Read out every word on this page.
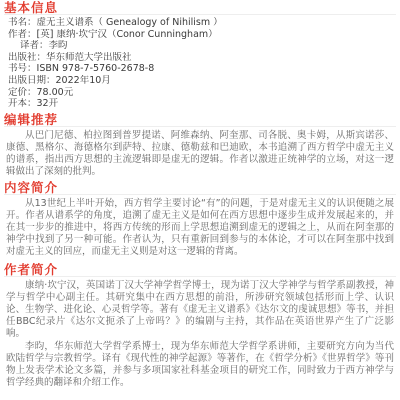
基本信息
书名：虚无主义谱系（ Genealogy of Nihilism ）
作者：[英] 康纳·坎宁汉（Conor Cunningham）
译者：李昀
出版社：华东师范大学出版社
书号：ISBN 978-7-5760-2678-8
出版日期：2022年10月
定价：78.00元
开本：32开
编辑推荐

从巴门尼德、柏拉图到普罗提诺、阿维森纳、阿奎那、司各脱、奥卡姆，从斯宾诺莎、康德、黑格尔、海德格尔到萨特、拉康、德勒兹和巴迪欧，本书追溯了西方哲学中虚无主义的谱系，指出西方思想的主流逻辑即是虚无的逻辑。作者以激进正统神学的立场，对这一逻辑做出了深刻的批判。

内容简介

从13世纪上半叶开始，西方哲学主要讨论“有”的问题，于是对虚无主义的认识便随之展开。作者从谱系学的角度，追溯了虚无主义是如何在西方思想中逐步生成并发展起来的，并在其一步步的推进中，将西方传统的形而上学思想追溯到虚无的逻辑之上，从而在阿奎那的神学中找到了另一种可能。作者认为，只有重新回到参与的本体论，才可以在阿奎那中找到对虚无主义的回应，而虚无主义则是对这一逻辑的背离。

作者简介

康纳·坎宁汉，英国诺丁汉大学神学哲学博士，现为诺丁汉大学神学与哲学系副教授，神学与哲学中心副主任。其研究集中在西方思想的前沿，所涉研究领域包括形而上学、认识论、生物学、进化论、心灵哲学等。著有《虚无主义谱系》《达尔文的虔诚思想》等书，并担任BBC纪录片《达尔文扼杀了上帝吗？》的编剧与主持，其作品在英语世界产生了广泛影响。

李昀，华东师范大学哲学系博士，现为华东师范大学哲学系讲师，主要研究方向为当代欧陆哲学与宗教哲学。译有《现代性的神学起源》等著作，在《哲学分析》《世界哲学》等刊物上发表学术论文多篇，并参与多项国家社科基金项目的研究工作，同时致力于西方神学与哲学经典的翻译和介绍工作。
